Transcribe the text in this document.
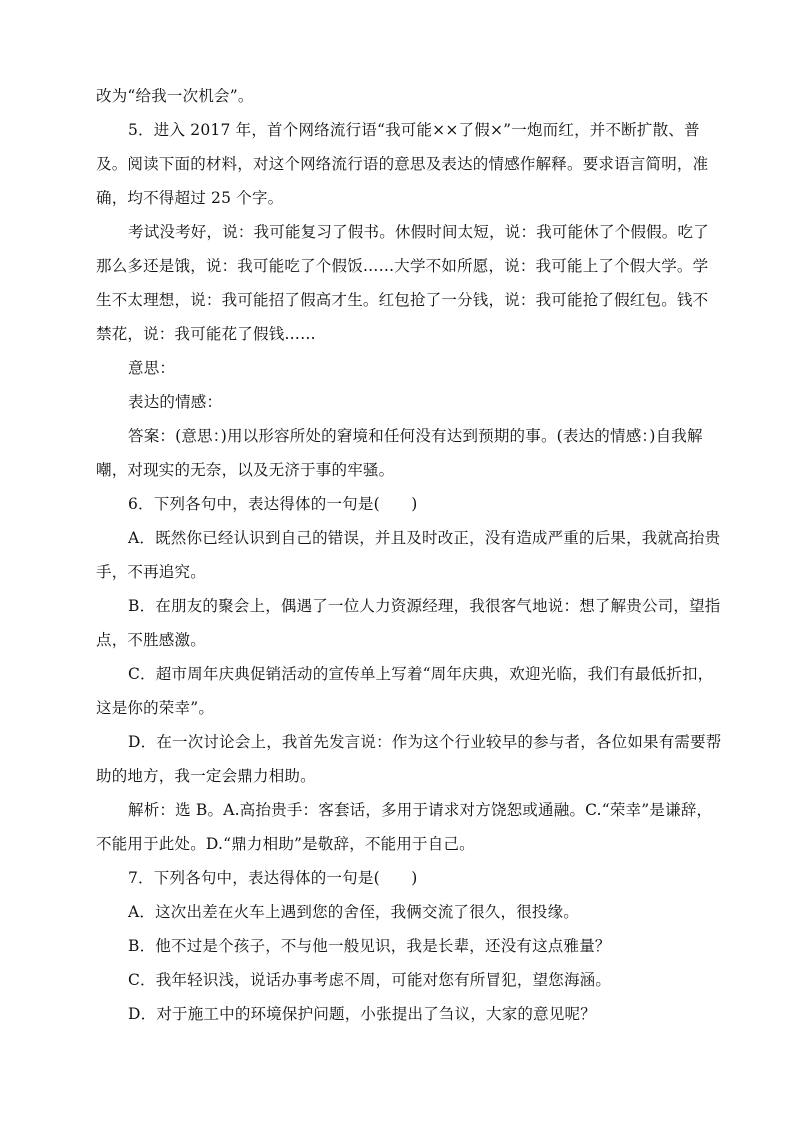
改为“给我一次机会”。
5．进入 2017 年，首个网络流行语“我可能××了假×”一炮而红，并不断扩散、普
及。阅读下面的材料，对这个网络流行语的意思及表达的情感作解释。要求语言简明，准
确，均不得超过 25 个字。
考试没考好，说：我可能复习了假书。休假时间太短，说：我可能休了个假假。吃了
那么多还是饿，说：我可能吃了个假饭……大学不如所愿，说：我可能上了个假大学。学
生不太理想，说：我可能招了假高才生。红包抢了一分钱，说：我可能抢了假红包。钱不
禁花，说：我可能花了假钱……
意思：
表达的情感：
答案：(意思：)用以形容所处的窘境和任何没有达到预期的事。(表达的情感：)自我解
嘲，对现实的无奈，以及无济于事的牢骚。
6．下列各句中，表达得体的一句是(　　)
A．既然你已经认识到自己的错误，并且及时改正，没有造成严重的后果，我就高抬贵
手，不再追究。
B．在朋友的聚会上，偶遇了一位人力资源经理，我很客气地说：想了解贵公司，望指
点，不胜感激。
C．超市周年庆典促销活动的宣传单上写着“周年庆典，欢迎光临，我们有最低折扣，
这是你的荣幸”。
D．在一次讨论会上，我首先发言说：作为这个行业较早的参与者，各位如果有需要帮
助的地方，我一定会鼎力相助。
解析：选 B。A.高抬贵手：客套话，多用于请求对方饶恕或通融。C.“荣幸”是谦辞，
不能用于此处。D.“鼎力相助”是敬辞，不能用于自己。
7．下列各句中，表达得体的一句是(　　)
A．这次出差在火车上遇到您的舍侄，我俩交流了很久，很投缘。
B．他不过是个孩子，不与他一般见识，我是长辈，还没有这点雅量？
C．我年轻识浅，说话办事考虑不周，可能对您有所冒犯，望您海涵。
D．对于施工中的环境保护问题，小张提出了刍议，大家的意见呢？
